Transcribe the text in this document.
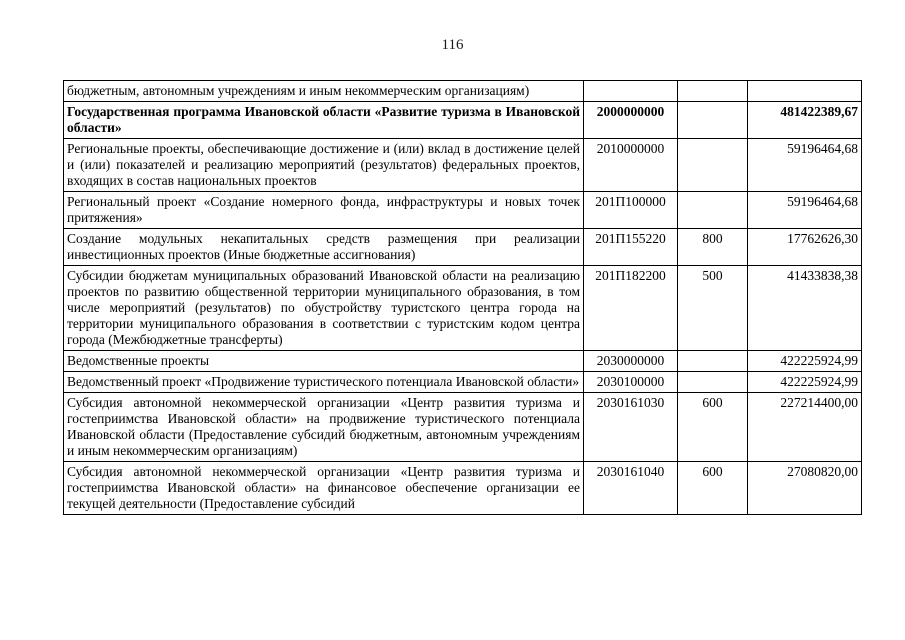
116
бюджетным, автономным учреждениям и иным некоммерческим организациям)			
Государственная программа Ивановской области «Развитие туризма в Ивановской области»	2000000000		481422389,67
Региональные проекты, обеспечивающие достижение и (или) вклад в достижение целей и (или) показателей и реализацию мероприятий (результатов) федеральных проектов, входящих в состав национальных проектов	2010000000		59196464,68
Региональный проект «Создание номерного фонда, инфраструктуры и новых точек притяжения»	201П100000		59196464,68
Создание модульных некапитальных средств размещения при реализации инвестиционных проектов (Иные бюджетные ассигнования)	201П155220	800	17762626,30
Субсидии бюджетам муниципальных образований Ивановской области на реализацию проектов по развитию общественной территории муниципального образования, в том числе мероприятий (результатов) по обустройству туристского центра города на территории муниципального образования в соответствии с туристским кодом центра города (Межбюджетные трансферты)	201П182200	500	41433838,38
Ведомственные проекты	2030000000		422225924,99
Ведомственный проект «Продвижение туристического потенциала Ивановской области»	2030100000		422225924,99
Субсидия автономной некоммерческой организации «Центр развития туризма и гостеприимства Ивановской области» на продвижение туристического потенциала Ивановской области (Предоставление субсидий бюджетным, автономным учреждениям и иным некоммерческим организациям)	2030161030	600	227214400,00
Субсидия автономной некоммерческой организации «Центр развития туризма и гостеприимства Ивановской области» на финансовое обеспечение организации ее текущей деятельности (Предоставление субсидий	2030161040	600	27080820,00
